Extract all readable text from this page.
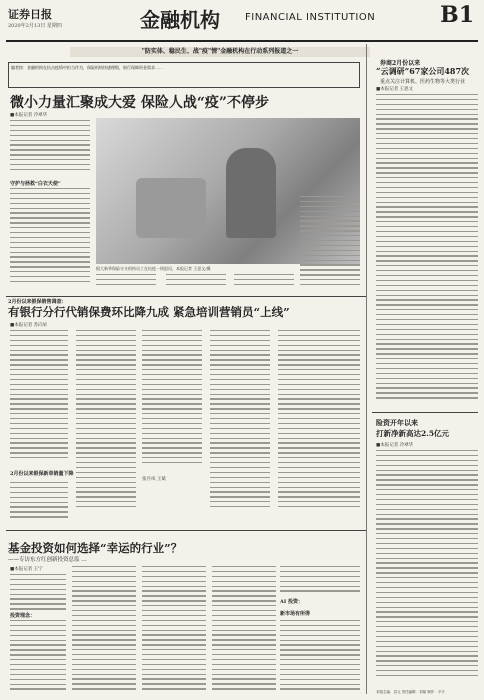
证券日报
2020年2月13日 星期四	金融机构	FINANCIAL INSTITUTION	B1
"防实体、稳民生、战"疫"情"金融机构在行动系列报道之一
编者按：金融机构在抗击疫情中担当作为，保险机构快速理赔，银行保障资金需求……
微小力量汇聚成大爱 保险人战“疫”不停步
■本报记者 冷翠华
守护与拯救“白衣天使”
据大新华保险分支机构员工在抗疫一线慰问，本报记者 王思文/摄
2月份以来银保销售调查：
有银行分行代销保费环比降九成 紧急培训营销员“上线”
■本报记者 苏向杲
2月份以来银保新单销量下降
张丹凤 王斌
基金投资如何选择“幸运的行业”？
——专访东方红创新投资总监 …
■本报记者 王宁
投资理念：
AI 投资：
新市场有所得
券商2月份以来
“云调研”67家公司487次
重点关注计算机、医药生物等大类行业
■本报记者 王思文
险资开年以来
打新净新高达2.5亿元
■本报记者 冷翠华
本版主编：袁元 责任编辑：刘斌 制作：平平
